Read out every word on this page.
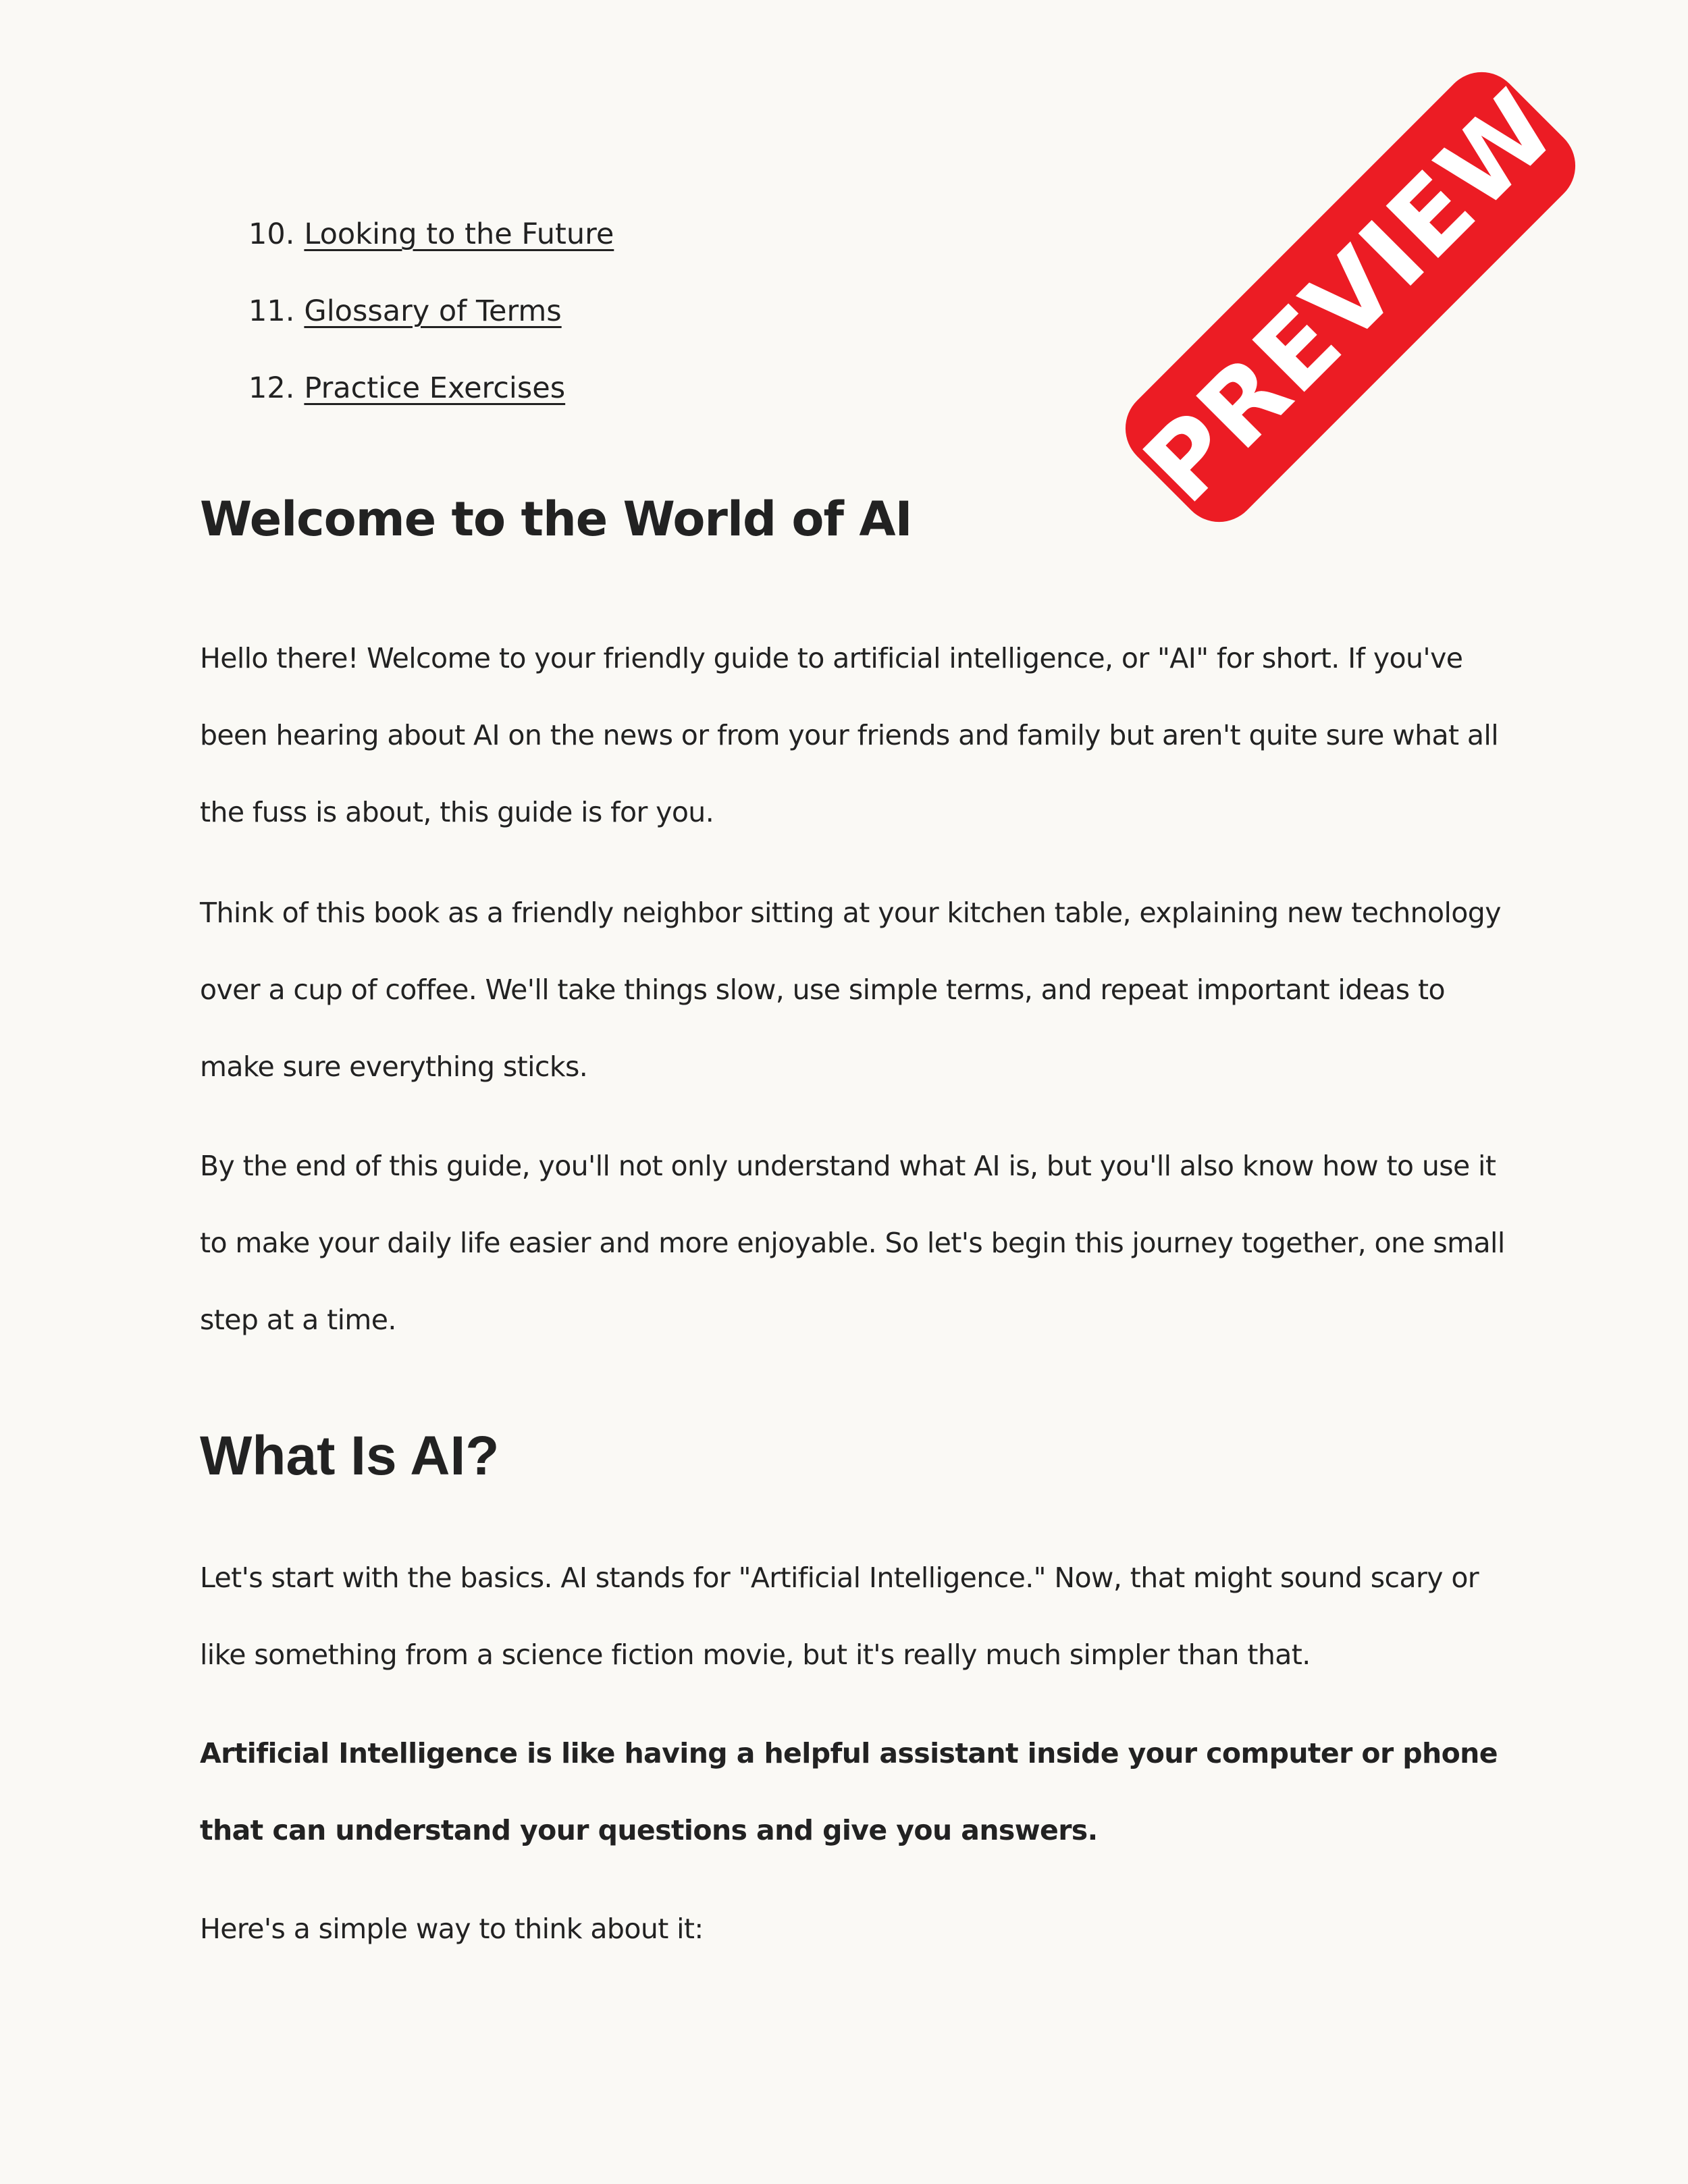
10. Looking to the Future
11. Glossary of Terms
12. Practice Exercises
Welcome to the World of AI

Hello there! Welcome to your friendly guide to artificial intelligence, or "AI" for short. If you've been hearing about AI on the news or from your friends and family but aren't quite sure what all the fuss is about, this guide is for you.

Think of this book as a friendly neighbor sitting at your kitchen table, explaining new technology over a cup of coffee. We'll take things slow, use simple terms, and repeat important ideas to make sure everything sticks.

By the end of this guide, you'll not only understand what AI is, but you'll also know how to use it to make your daily life easier and more enjoyable. So let's begin this journey together, one small step at a time.

What Is AI?

Let's start with the basics. AI stands for "Artificial Intelligence." Now, that might sound scary or like something from a science fiction movie, but it's really much simpler than that.

Artificial Intelligence is like having a helpful assistant inside your computer or phone that can understand your questions and give you answers.

Here's a simple way to think about it:

PREVIEW
